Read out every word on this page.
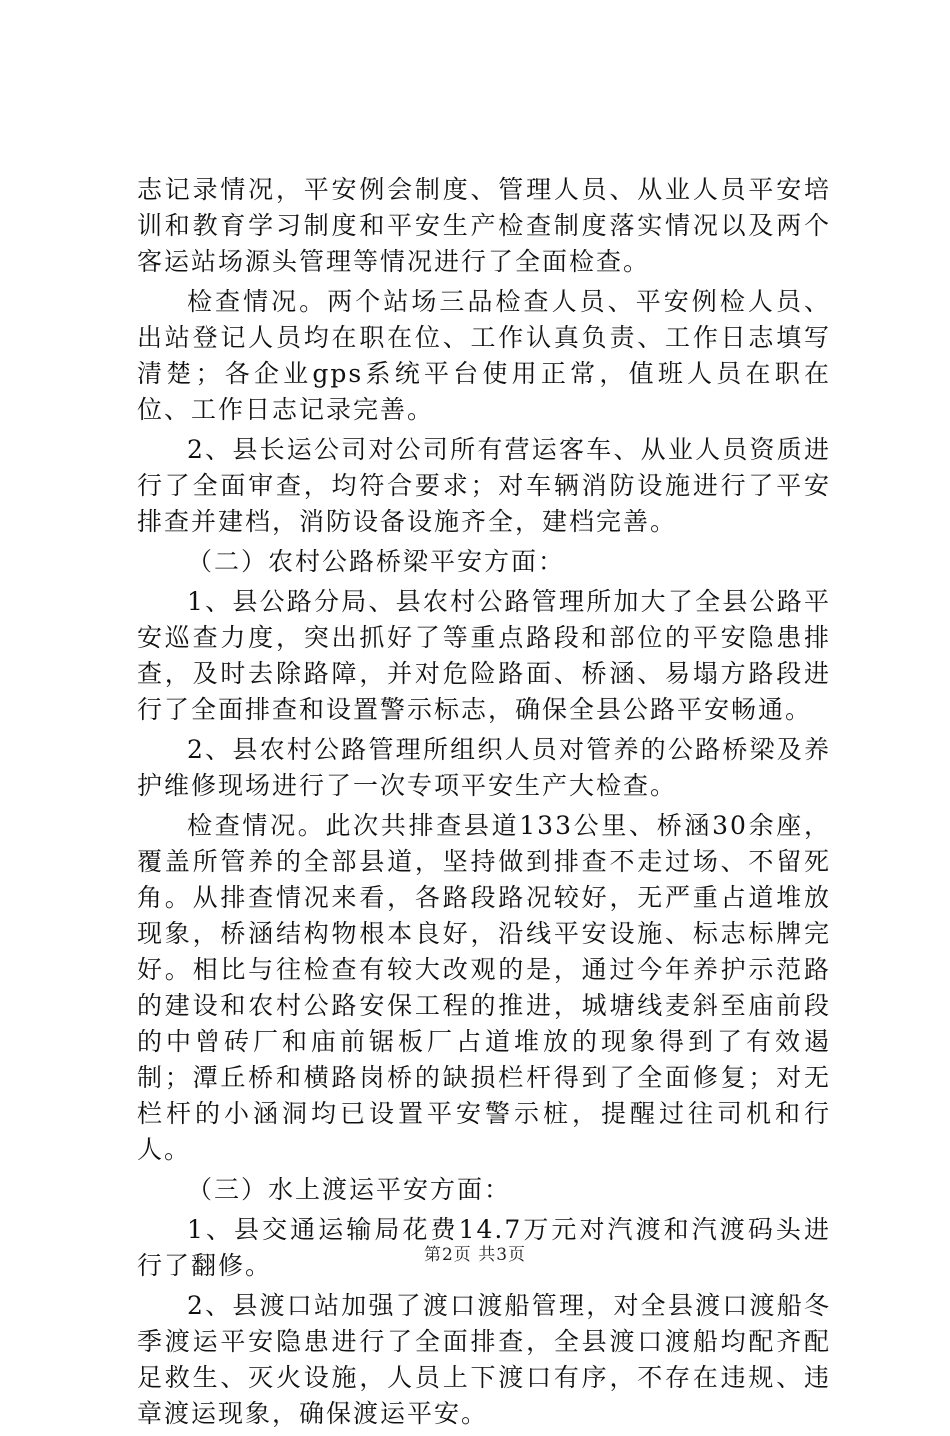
志记录情况，平安例会制度、管理人员、从业人员平安培训和教育学习制度和平安生产检查制度落实情况以及两个客运站场源头管理等情况进行了全面检查。

检查情况。两个站场三品检查人员、平安例检人员、出站登记人员均在职在位、工作认真负责、工作日志填写清楚；各企业gps系统平台使用正常，值班人员在职在位、工作日志记录完善。

2、县长运公司对公司所有营运客车、从业人员资质进行了全面审查，均符合要求；对车辆消防设施进行了平安排查并建档，消防设备设施齐全，建档完善。

（二）农村公路桥梁平安方面：

1、县公路分局、县农村公路管理所加大了全县公路平安巡查力度，突出抓好了等重点路段和部位的平安隐患排查，及时去除路障，并对危险路面、桥涵、易塌方路段进行了全面排查和设置警示标志，确保全县公路平安畅通。

2、县农村公路管理所组织人员对管养的公路桥梁及养护维修现场进行了一次专项平安生产大检查。

检查情况。此次共排查县道133公里、桥涵30余座，覆盖所管养的全部县道，坚持做到排查不走过场、不留死角。从排查情况来看，各路段路况较好，无严重占道堆放现象，桥涵结构物根本良好，沿线平安设施、标志标牌完好。相比与往检查有较大改观的是，通过今年养护示范路的建设和农村公路安保工程的推进，城塘线麦斜至庙前段的中曾砖厂和庙前锯板厂占道堆放的现象得到了有效遏制；潭丘桥和横路岗桥的缺损栏杆得到了全面修复；对无栏杆的小涵洞均已设置平安警示桩，提醒过往司机和行人。

（三）水上渡运平安方面：

1、县交通运输局花费14.7万元对汽渡和汽渡码头进行了翻修。

2、县渡口站加强了渡口渡船管理，对全县渡口渡船冬季渡运平安隐患进行了全面排查，全县渡口渡船均配齐配足救生、灭火设施，人员上下渡口有序，不存在违规、违章渡运现象，确保渡运平安。

第2页 共3页
